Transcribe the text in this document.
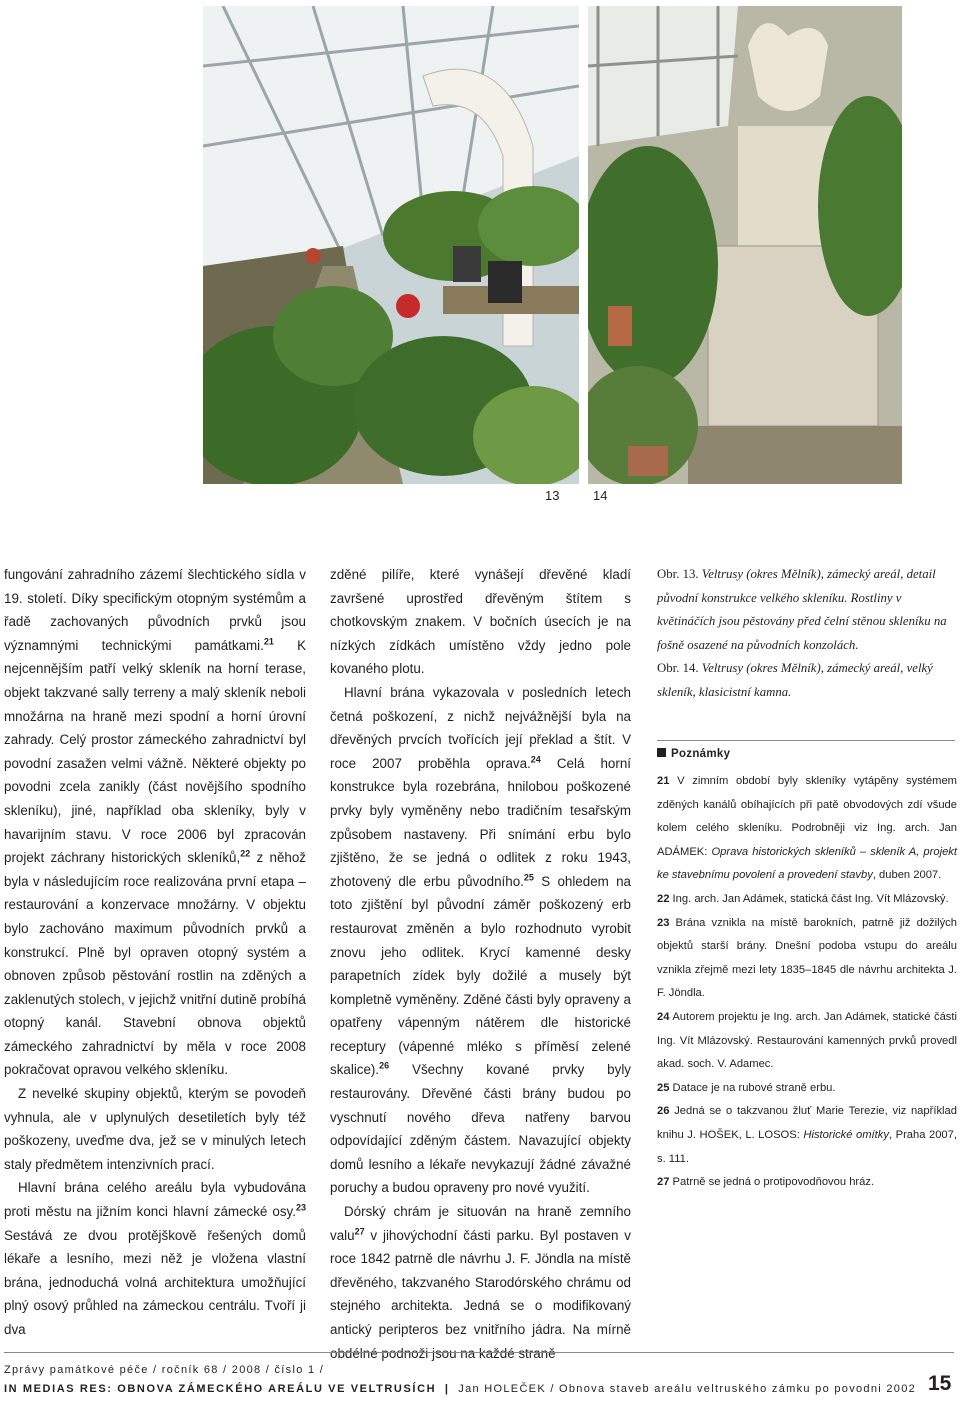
13	14

fungování zahradního zázemí šlechtického sídla v 19. století. Díky specifickým otopným systémům a řadě zachovaných původních prvků jsou významnými technickými památkami.$^{21}$ K nejcennějším patří velký skleník na horní terase, objekt takzvané sally terreny a malý skleník neboli množárna na hraně mezi spodní a horní úrovní zahrady. Celý prostor zámeckého zahradnictví byl povodní zasažen velmi vážně. Některé objekty po povodni zcela zanikly (část novějšího spodního skleníku), jiné, například oba skleníky, byly v havarijním stavu. V roce 2006 byl zpracován projekt záchrany historických skleníků,$^{22}$ z něhož byla v následujícím roce realizována první etapa – restaurování a konzervace množárny. V objektu bylo zachováno maximum původních prvků a konstrukcí. Plně byl opraven otopný systém a obnoven způsob pěstování rostlin na zděných a zaklenutých stolech, v jejichž vnitřní dutině probíhá otopný kanál. Stavební obnova objektů zámeckého zahradnictví by měla v roce 2008 pokračovat opravou velkého skleníku.

Z nevelké skupiny objektů, kterým se povodeň vyhnula, ale v uplynulých desetiletích byly též poškozeny, uveďme dva, jež se v minulých letech staly předmětem intenzivních prací.

Hlavní brána celého areálu byla vybudována proti městu na jižním konci hlavní zámecké osy.$^{23}$ Sestává ze dvou protějškově řešených domů lékaře a lesního, mezi něž je vložena vlastní brána, jednoduchá volná architektura umožňující plný osový průhled na zámeckou centrálu. Tvoří ji dva

zděné pilíře, které vynášejí dřevěné kladí završené uprostřed dřevěným štítem s chotkovským znakem. V bočních úsecích je na nízkých zídkách umístěno vždy jedno pole kovaného plotu.

Hlavní brána vykazovala v posledních letech četná poškození, z nichž nejvážnější byla na dřevěných prvcích tvořících její překlad a štít. V roce 2007 proběhla oprava.$^{24}$ Celá horní konstrukce byla rozebrána, hnilobou poškozené prvky byly vyměněny nebo tradičním tesařským způsobem nastaveny. Při snímání erbu bylo zjištěno, že se jedná o odlitek z roku 1943, zhotovený dle erbu původního.$^{25}$ S ohledem na toto zjištění byl původní záměr poškozený erb restaurovat změněn a bylo rozhodnuto vyrobit znovu jeho odlitek. Krycí kamenné desky parapetních zídek byly dožilé a musely být kompletně vyměněny. Zděné části byly opraveny a opatřeny vápenným nátěrem dle historické receptury (vápenné mléko s příměsí zelené skalice).$^{26}$ Všechny kované prvky byly restaurovány. Dřevěné části brány budou po vyschnutí nového dřeva natřeny barvou odpovídající zděným částem. Navazující objekty domů lesního a lékaře nevykazují žádné závažné poruchy a budou opraveny pro nové využití.

Dórský chrám je situován na hraně zemního valu$^{27}$ v jihovýchodní části parku. Byl postaven v roce 1842 patrně dle návrhu J. F. Jöndla na místě dřevěného, takzvaného Starodórského chrámu od stejného architekta. Jedná se o modifikovaný antický peripteros bez vnitřního jádra. Na mírně obdélné podnoži jsou na každé straně

Obr. 13. Veltrusy (okres Mělník), zámecký areál, detail původní konstrukce velkého skleníku. Rostliny v květináčích jsou pěstovány před čelní stěnou skleníku na fošně osazené na původních konzolách.

Obr. 14. Veltrusy (okres Mělník), zámecký areál, velký skleník, klasicistní kamna.

Poznámky

21 V zimním období byly skleníky vytápěny systémem zděných kanálů obíhajících při patě obvodových zdí všude kolem celého skleníku. Podrobněji viz Ing. arch. Jan ADÁMEK: Oprava historických skleníků – skleník A, projekt ke stavebnímu povolení a provedení stavby, duben 2007.

22 Ing. arch. Jan Adámek, statická část Ing. Vít Mlázovský.

23 Brána vznikla na místě barokních, patrně již dožilých objektů starší brány. Dnešní podoba vstupu do areálu vznikla zřejmě mezi lety 1835–1845 dle návrhu architekta J. F. Jöndla.

24 Autorem projektu je Ing. arch. Jan Adámek, statické části Ing. Vít Mlázovský. Restaurování kamenných prvků provedl akad. soch. V. Adamec.

25 Datace je na rubové straně erbu.

26 Jedná se o takzvanou žluť Marie Terezie, viz například knihu J. HOŠEK, L. LOSOS: Historické omítky, Praha 2007, s. 111.

27 Patrně se jedná o protipovodňovou hráz.

Zprávy památkové péče / ročník 68 / 2008 / číslo 1 /
IN MEDIAS RES: OBNOVA ZÁMECKÉHO AREÁLU VE VELTRUSÍCH | Jan HOLEČEK / Obnova staveb areálu veltruského zámku po povodni 2002 15
